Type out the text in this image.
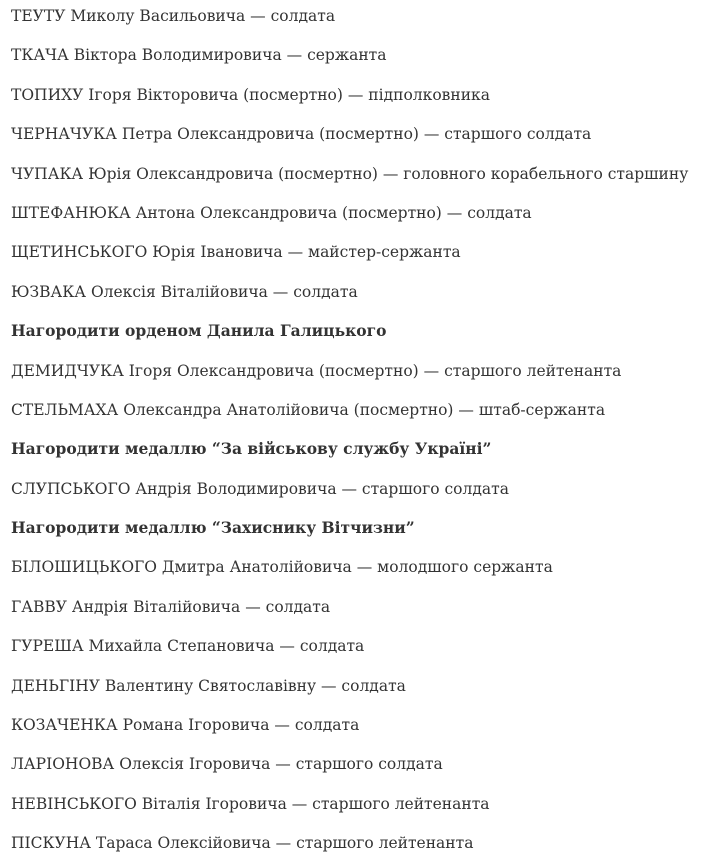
ТЕУТУ Миколу Васильовича — солдата
ТКАЧА Віктора Володимировича — сержанта
ТОПИХУ Ігоря Вікторовича (посмертно) — підполковника
ЧЕРНАЧУКА Петра Олександровича (посмертно) — старшого солдата
ЧУПАКА Юрія Олександровича (посмертно) — головного корабельного старшину
ШТЕФАНЮКА Антона Олександровича (посмертно) — солдата
ЩЕТИНСЬКОГО Юрія Івановича — майстер-сержанта
ЮЗВАКА Олексія Віталійовича — солдата
Нагородити орденом Данила Галицького
ДЕМИДЧУКА Ігоря Олександровича (посмертно) — старшого лейтенанта
СТЕЛЬМАХА Олександра Анатолійовича (посмертно) — штаб-сержанта
Нагородити медаллю “За військову службу Україні”
СЛУПСЬКОГО Андрія Володимировича — старшого солдата
Нагородити медаллю “Захиснику Вітчизни”
БІЛОШИЦЬКОГО Дмитра Анатолійовича — молодшого сержанта
ГАВВУ Андрія Віталійовича — солдата
ГУРЕША Михайла Степановича — солдата
ДЕНЬГІНУ Валентину Святославівну — солдата
КОЗАЧЕНКА Романа Ігоровича — солдата
ЛАРІОНОВА Олексія Ігоровича — старшого солдата
НЕВІНСЬКОГО Віталія Ігоровича — старшого лейтенанта
ПІСКУНА Тараса Олексійовича — старшого лейтенанта
